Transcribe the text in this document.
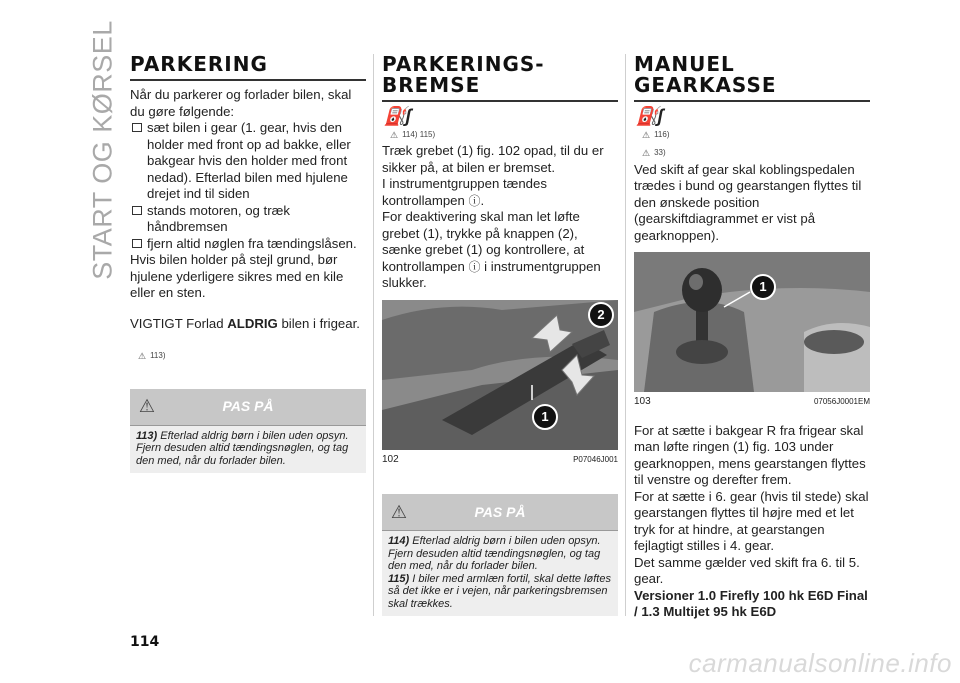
START OG KØRSEL PARKERING

Når du parkerer og forlader bilen, skal du gøre følgende:

sæt bilen i gear (1. gear, hvis den holder med front op ad bakke, eller bakgear hvis den holder med front nedad). Efterlad bilen med hjulene drejet ind til siden
stands motoren, og træk håndbremsen
fjern altid nøglen fra tændingslåsen.

Hvis bilen holder på stejl grund, bør hjulene yderligere sikres med en kile eller en sten.

VIGTIGT Forlad ALDRIG bilen i frigear.

⚠ 113)
⚠	PAS PÅ
113) Efterlad aldrig børn i bilen uden opsyn. Fjern desuden altid tændingsnøglen, og tag den med, når du forlader bilen.
PARKERINGS-
BREMSE
⛽ʃ
⚠ 114) 115)

Træk grebet (1) fig. 102 opad, til du er sikker på, at bilen er bremset.

I instrumentgruppen tændes kontrollampen ⓘ.

For deaktivering skal man let løfte grebet (1), trykke på knappen (2), sænke grebet (1) og kontrollere, at kontrollampen ⓘ i instrumentgruppen slukker.

2
1
102	P07046J001
⚠	PAS PÅ
114) Efterlad aldrig børn i bilen uden opsyn. Fjern desuden altid tændingsnøglen, og tag den med, når du forlader bilen.
115) I biler med armlæn fortil, skal dette løftes så det ikke er i vejen, når parkeringsbremsen skal trækkes.
MANUEL
GEARKASSE
⛽ʃ
⚠ 116)
⚠ 33)

Ved skift af gear skal koblingspedalen trædes i bund og gearstangen flyttes til den ønskede position (gearskiftdiagrammet er vist på gearknoppen).

1
103	07056J0001EM

For at sætte i bakgear R fra frigear skal man løfte ringen (1) fig. 103 under gearknoppen, mens gearstangen flyttes til venstre og derefter frem.

For at sætte i 6. gear (hvis til stede) skal gearstangen flyttes til højre med et let tryk for at hindre, at gearstangen fejlagtigt stilles i 4. gear.

Det samme gælder ved skift fra 6. til 5. gear.

Versioner 1.0 Firefly 100 hk E6D Final / 1.3 Multijet 95 hk E6D

114
carmanualsonline.info
